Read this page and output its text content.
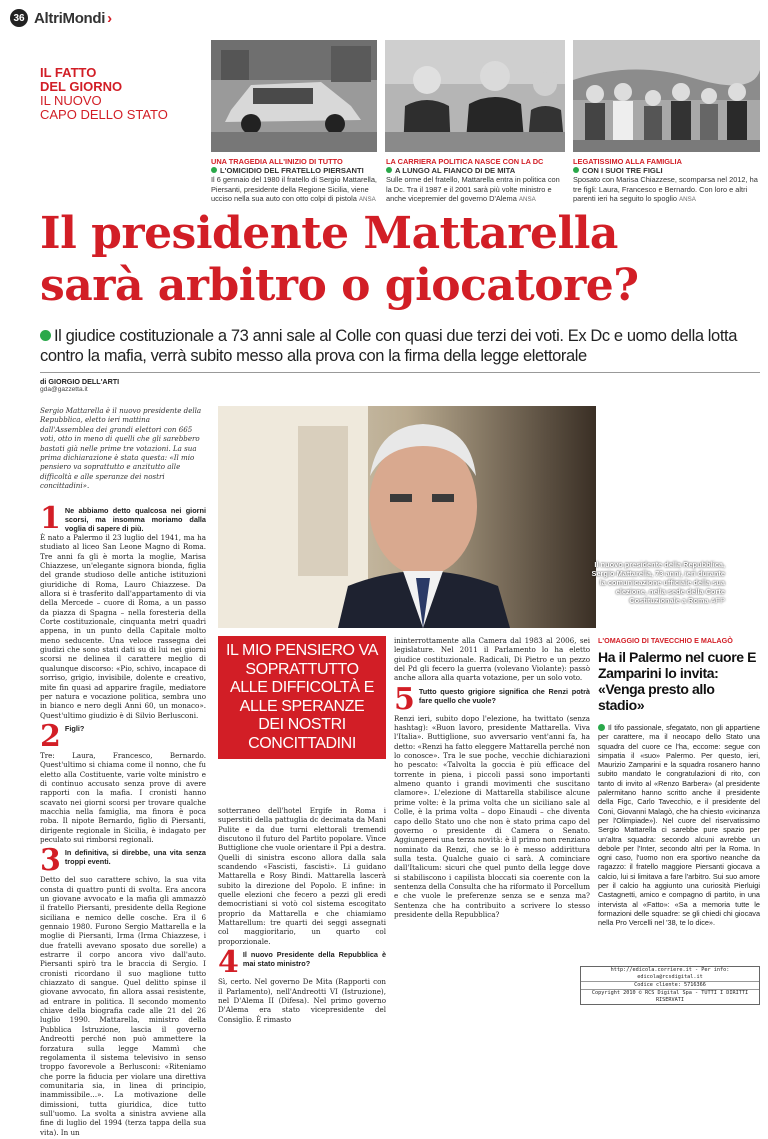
36 AltriMondi ›
IL FATTO
DEL GIORNO
IL NUOVO
CAPO DELLO STATO
UNA TRAGEDIA ALL'INIZIO DI TUTTO
L'OMICIDIO DEL FRATELLO PIERSANTI
Il 6 gennaio del 1980 il fratello di Sergio Mattarella, Piersanti, presidente della Regione Sicilia, viene ucciso nella sua auto con otto colpi di pistola ANSA
LA CARRIERA POLITICA NASCE CON LA DC
A LUNGO AL FIANCO DI DE MITA
Sulle orme del fratello, Mattarella entra in politica con la Dc. Tra il 1987 e il 2001 sarà più volte ministro e anche vicepremier del governo D'Alema ANSA
LEGATISSIMO ALLA FAMIGLIA
CON I SUOI TRE FIGLI
Sposato con Marisa Chiazzese, scomparsa nel 2012, ha tre figli: Laura, Francesco e Bernardo. Con loro e altri parenti ieri ha seguito lo spoglio ANSA
Il presidente Mattarella
sarà arbitro o giocatore?
Il giudice costituzionale a 73 anni sale al Colle con quasi due terzi dei voti. Ex Dc e uomo della lotta contro la mafia, verrà subito messo alla prova con la firma della legge elettorale
di GIORGIO DELL'ARTI
gda@gazzetta.it
Sergio Mattarella è il nuovo presidente della Repubblica, eletto ieri mattina dall'Assemblea dei grandi elettori con 665 voti, otto in meno di quelli che gli sarebbero bastati già nelle prime tre votazioni. La sua prima dichiarazione è stata questa: «Il mio pensiero va soprattutto e anzitutto alle difficoltà e alle speranze dei nostri concittadini».
1 Ne abbiamo detto qualcosa nei giorni scorsi, ma insomma moriamo dalla voglia di sapere di più.
È nato a Palermo il 23 luglio del 1941, ma ha studiato al liceo San Leone Magno di Roma. Tre anni fa gli è morta la moglie, Marisa Chiazzese, un'elegante signora bionda, figlia del grande studioso delle antiche istituzioni giuridiche di Roma, Lauro Chiazzese. Da allora si è trasferito dall'appartamento di via della Mercede – cuore di Roma, a un passo da piazza di Spagna – nella foresteria della Corte costituzionale, cinquanta metri quadri appena, in un punto della Capitale molto meno seducente. Una veloce rassegna dei giudizi che sono stati dati su di lui nei giorni scorsi ne delinea il carattere meglio di qualunque discorso: «Pio, schivo, incapace di sorriso, grigio, invisibile, dolente e creativo, mite fin quasi ad apparire fragile, mediatore per natura e vocazione politica, sembra uno in bianco e nero degli Anni 60, un monaco». Quest'ultimo giudizio è di Silvio Berlusconi.
2 Figli?
Tre: Laura, Francesco, Bernardo. Quest'ultimo si chiama come il nonno, che fu eletto alla Costituente, varie volte ministro e di continuo accusato senza prove di avere rapporti con la mafia. I cronisti hanno scavato nei giorni scorsi per trovare qualche macchia nella famiglia, ma finora è poca roba. Il nipote Bernardo, figlio di Piersanti, dirigente regionale in Sicilia, è indagato per peculato sui rimborsi regionali.
3 In definitiva, si direbbe, una vita senza troppi eventi.
Detto del suo carattere schivo, la sua vita consta di quattro punti di svolta. Era ancora un giovane avvocato e la mafia gli ammazzò il fratello Piersanti, presidente della Regione siciliana e nemico delle cosche. Era il 6 gennaio 1980. Furono Sergio Mattarella e la moglie di Piersanti, Irma (Irma Chiazzese, i due fratelli avevano sposato due sorelle) a estrarre il corpo ancora vivo dall'auto. Piersanti spirò tra le braccia di Sergio. I cronisti ricordano il suo maglione tutto chiazzato di sangue. Quel delitto spinse il giovane avvocato, fin allora assai resistente, ad entrare in politica. Il secondo momento chiave della biografia cade alle 21 del 26 luglio 1990. Mattarella, ministro della Pubblica Istruzione, lascia il governo Andreotti perché non può ammettere la forzatura sulla legge Mammì che regolamenta il sistema televisivo in senso troppo favorevole a Berlusconi: «Riteniamo che porre la fiducia per violare una direttiva comunitaria sia, in linea di principio, inammissibile…». La motivazione delle dimissioni, tutta giuridica, dice tutto sull'uomo. La svolta a sinistra avviene alla fine di luglio del 1994 (terza tappa della sua vita). In un
Il nuovo presidente della Repubblica, Sergio Mattarella, 73 anni, ieri durante la comunicazione ufficiale della sua elezione, nella sede della Corte Costituzionale a Roma AFP
IL MIO PENSIERO VA SOPRATTUTTO ALLE DIFFICOLTÀ E ALLE SPERANZE DEI NOSTRI CONCITTADINI
sotterraneo dell'hotel Ergife in Roma i superstiti della pattuglia dc decimata da Mani Pulite e da due turni elettorali tremendi discutono il futuro del Partito popolare. Vince Buttiglione che vuole orientare il Ppi a destra. Quelli di sinistra escono allora dalla sala scandendo «Fascisti, fascisti». Li guidano Mattarella e Rosy Bindi. Mattarella lascerà subito la direzione del Popolo. E infine: in quelle elezioni che fecero a pezzi gli eredi democristiani si votò col sistema escogitato proprio da Mattarella e che chiamiamo Mattarellum: tre quarti dei seggi assegnati col maggioritario, un quarto col proporzionale.
4 Il nuovo Presidente della Repubblica è mai stato ministro?
Sì, certo. Nel governo De Mita (Rapporti con il Parlamento), nell'Andreotti VI (Istruzione), nel D'Alema II (Difesa). Nel primo governo D'Alema era stato vicepresidente del Consiglio. È rimasto
ininterrottamente alla Camera dal 1983 al 2006, sei legislature. Nel 2011 il Parlamento lo ha eletto giudice costituzionale. Radicali, Di Pietro e un pezzo del Pd gli fecero la guerra (volevano Violante): passò anche allora alla quarta votazione, per un solo voto.
5 Tutto questo grigiore significa che Renzi potrà fare quello che vuole?
Renzi ieri, subito dopo l'elezione, ha twittato (senza hashtag): «Buon lavoro, presidente Mattarella. Viva l'Italia». Buttiglione, suo avversario vent'anni fa, ha detto: «Renzi ha fatto eleggere Mattarella perché non lo conosce». Tra le sue poche, vecchie dichiarazioni ho pescato: «Talvolta la goccia è più efficace del torrente in piena, i piccoli passi sono importanti almeno quanto i grandi movimenti che suscitano clamore». L'elezione di Mattarella stabilisce alcune prime volte: è la prima volta che un siciliano sale al Colle, è la prima volta – dopo Einaudi – che diventa capo dello Stato uno che non è stato prima capo del governo o presidente di Camera o Senato. Aggiungerei una terza novità: è il primo non renziano nominato da Renzi, che se lo è messo addirittura sulla testa. Qualche guaio ci sarà. A cominciare dall'Italicum: sicuri che quel punto della legge dove si stabiliscono i capilista bloccati sia coerente con la sentenza della Consulta che ha riformato il Porcellum e che vuole le preferenze senza se e senza ma? Sentenza che ha contribuito a scrivere lo stesso presidente della Repubblica?
L'OMAGGIO DI TAVECCHIO E MALAGÒ
Ha il Palermo nel cuore E Zamparini lo invita: «Venga presto allo stadio»
Il tifo passionale, sfegatato, non gli appartiene per carattere, ma il neocapo dello Stato una squadra del cuore ce l'ha, eccome: segue con simpatia il «suo» Palermo. Per questo, ieri, Maurizio Zamparini e la squadra rosanero hanno subito mandato le congratulazioni di rito, con tanto di invito al «Renzo Barbera» (al presidente palermitano hanno scritto anche il presidente della Figc, Carlo Tavecchio, e il presidente del Coni, Giovanni Malagò, che ha chiesto «vicinanza per l'Olimpiade»). Nel cuore del riservatissimo Sergio Mattarella ci sarebbe pure spazio per un'altra squadra: secondo alcuni avrebbe un debole per l'Inter, secondo altri per la Roma. In ogni caso, l'uomo non era sportivo neanche da ragazzo: il fratello maggiore Piersanti giocava a calcio, lui si limitava a fare l'arbitro. Sui suo amore per il calcio ha aggiunto una curiosità Pierluigi Castagnetti, amico e compagno di partito, in una intervista al «Fatto»: «Sa a memoria tutte le formazioni delle squadre: se gli chiedi chi giocava nella Pro Vercelli nel '38, te lo dice».
http://edicola.corriere.it - Per info: edicola@rcsdigital.it
Codice cliente: 5716366
Copyright 2010 © RCS Digital Spa - TUTTI I DIRITTI RISERVATI
